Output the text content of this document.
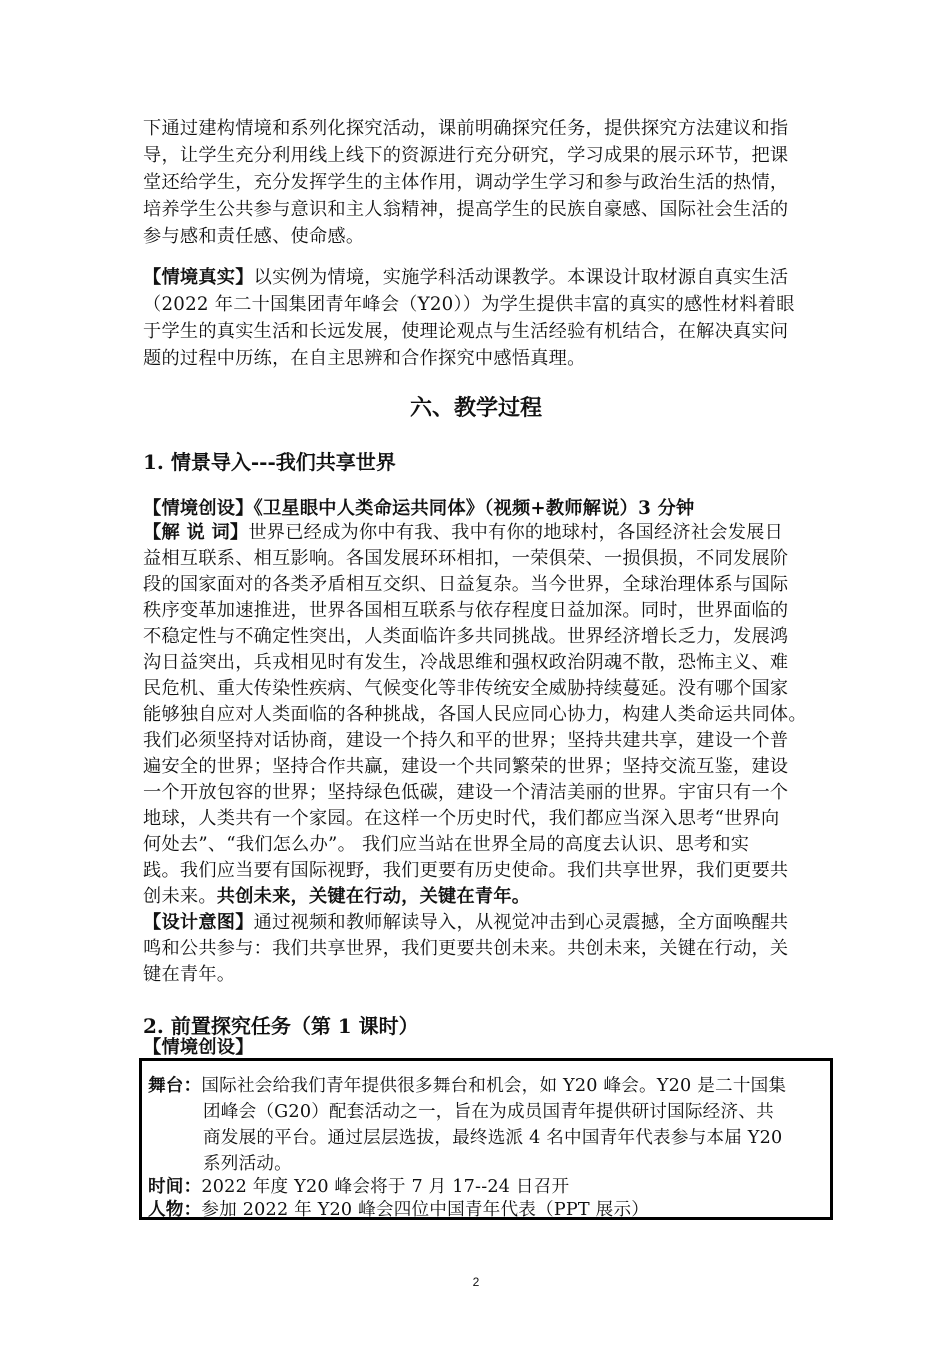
下通过建构情境和系列化探究活动，课前明确探究任务，提供探究方法建议和指
导，让学生充分利用线上线下的资源进行充分研究，学习成果的展示环节，把课
堂还给学生，充分发挥学生的主体作用，调动学生学习和参与政治生活的热情，
培养学生公共参与意识和主人翁精神，提高学生的民族自豪感、国际社会生活的
参与感和责任感、使命感。
【情境真实】以实例为情境，实施学科活动课教学。本课设计取材源自真实生活
（2022 年二十国集团青年峰会（Y20））为学生提供丰富的真实的感性材料着眼
于学生的真实生活和长远发展，使理论观点与生活经验有机结合，在解决真实问
题的过程中历练，在自主思辨和合作探究中感悟真理。
六、教学过程
1. 情景导入---我们共享世界
【情境创设】《卫星眼中人类命运共同体》（视频+教师解说）3 分钟
【解 说 词】世界已经成为你中有我、我中有你的地球村，各国经济社会发展日
益相互联系、相互影响。各国发展环环相扣，一荣俱荣、一损俱损，不同发展阶
段的国家面对的各类矛盾相互交织、日益复杂。当今世界，全球治理体系与国际
秩序变革加速推进，世界各国相互联系与依存程度日益加深。同时，世界面临的
不稳定性与不确定性突出，人类面临许多共同挑战。世界经济增长乏力，发展鸿
沟日益突出，兵戎相见时有发生，冷战思维和强权政治阴魂不散，恐怖主义、难
民危机、重大传染性疾病、气候变化等非传统安全威胁持续蔓延。没有哪个国家
能够独自应对人类面临的各种挑战，各国人民应同心协力，构建人类命运共同体。
我们必须坚持对话协商，建设一个持久和平的世界；坚持共建共享，建设一个普
遍安全的世界；坚持合作共赢，建设一个共同繁荣的世界；坚持交流互鉴，建设
一个开放包容的世界；坚持绿色低碳，建设一个清洁美丽的世界。宇宙只有一个
地球，人类共有一个家园。在这样一个历史时代，我们都应当深入思考“世界向
何处去”、“我们怎么办”。 我们应当站在世界全局的高度去认识、思考和实
践。我们应当要有国际视野，我们更要有历史使命。我们共享世界，我们更要共
创未来。共创未来，关键在行动，关键在青年。
【设计意图】通过视频和教师解读导入，从视觉冲击到心灵震撼，全方面唤醒共
鸣和公共参与：我们共享世界，我们更要共创未来。共创未来，关键在行动，关
键在青年。
2. 前置探究任务（第 1 课时）
【情境创设】
舞台：国际社会给我们青年提供很多舞台和机会，如 Y20 峰会。Y20 是二十国集
团峰会（G20）配套活动之一，旨在为成员国青年提供研讨国际经济、共
商发展的平台。通过层层选拔，最终选派 4 名中国青年代表参与本届 Y20
系列活动。
时间：2022 年度 Y20 峰会将于 7 月 17--24 日召开
人物：参加 2022 年 Y20 峰会四位中国青年代表（PPT 展示）
2
